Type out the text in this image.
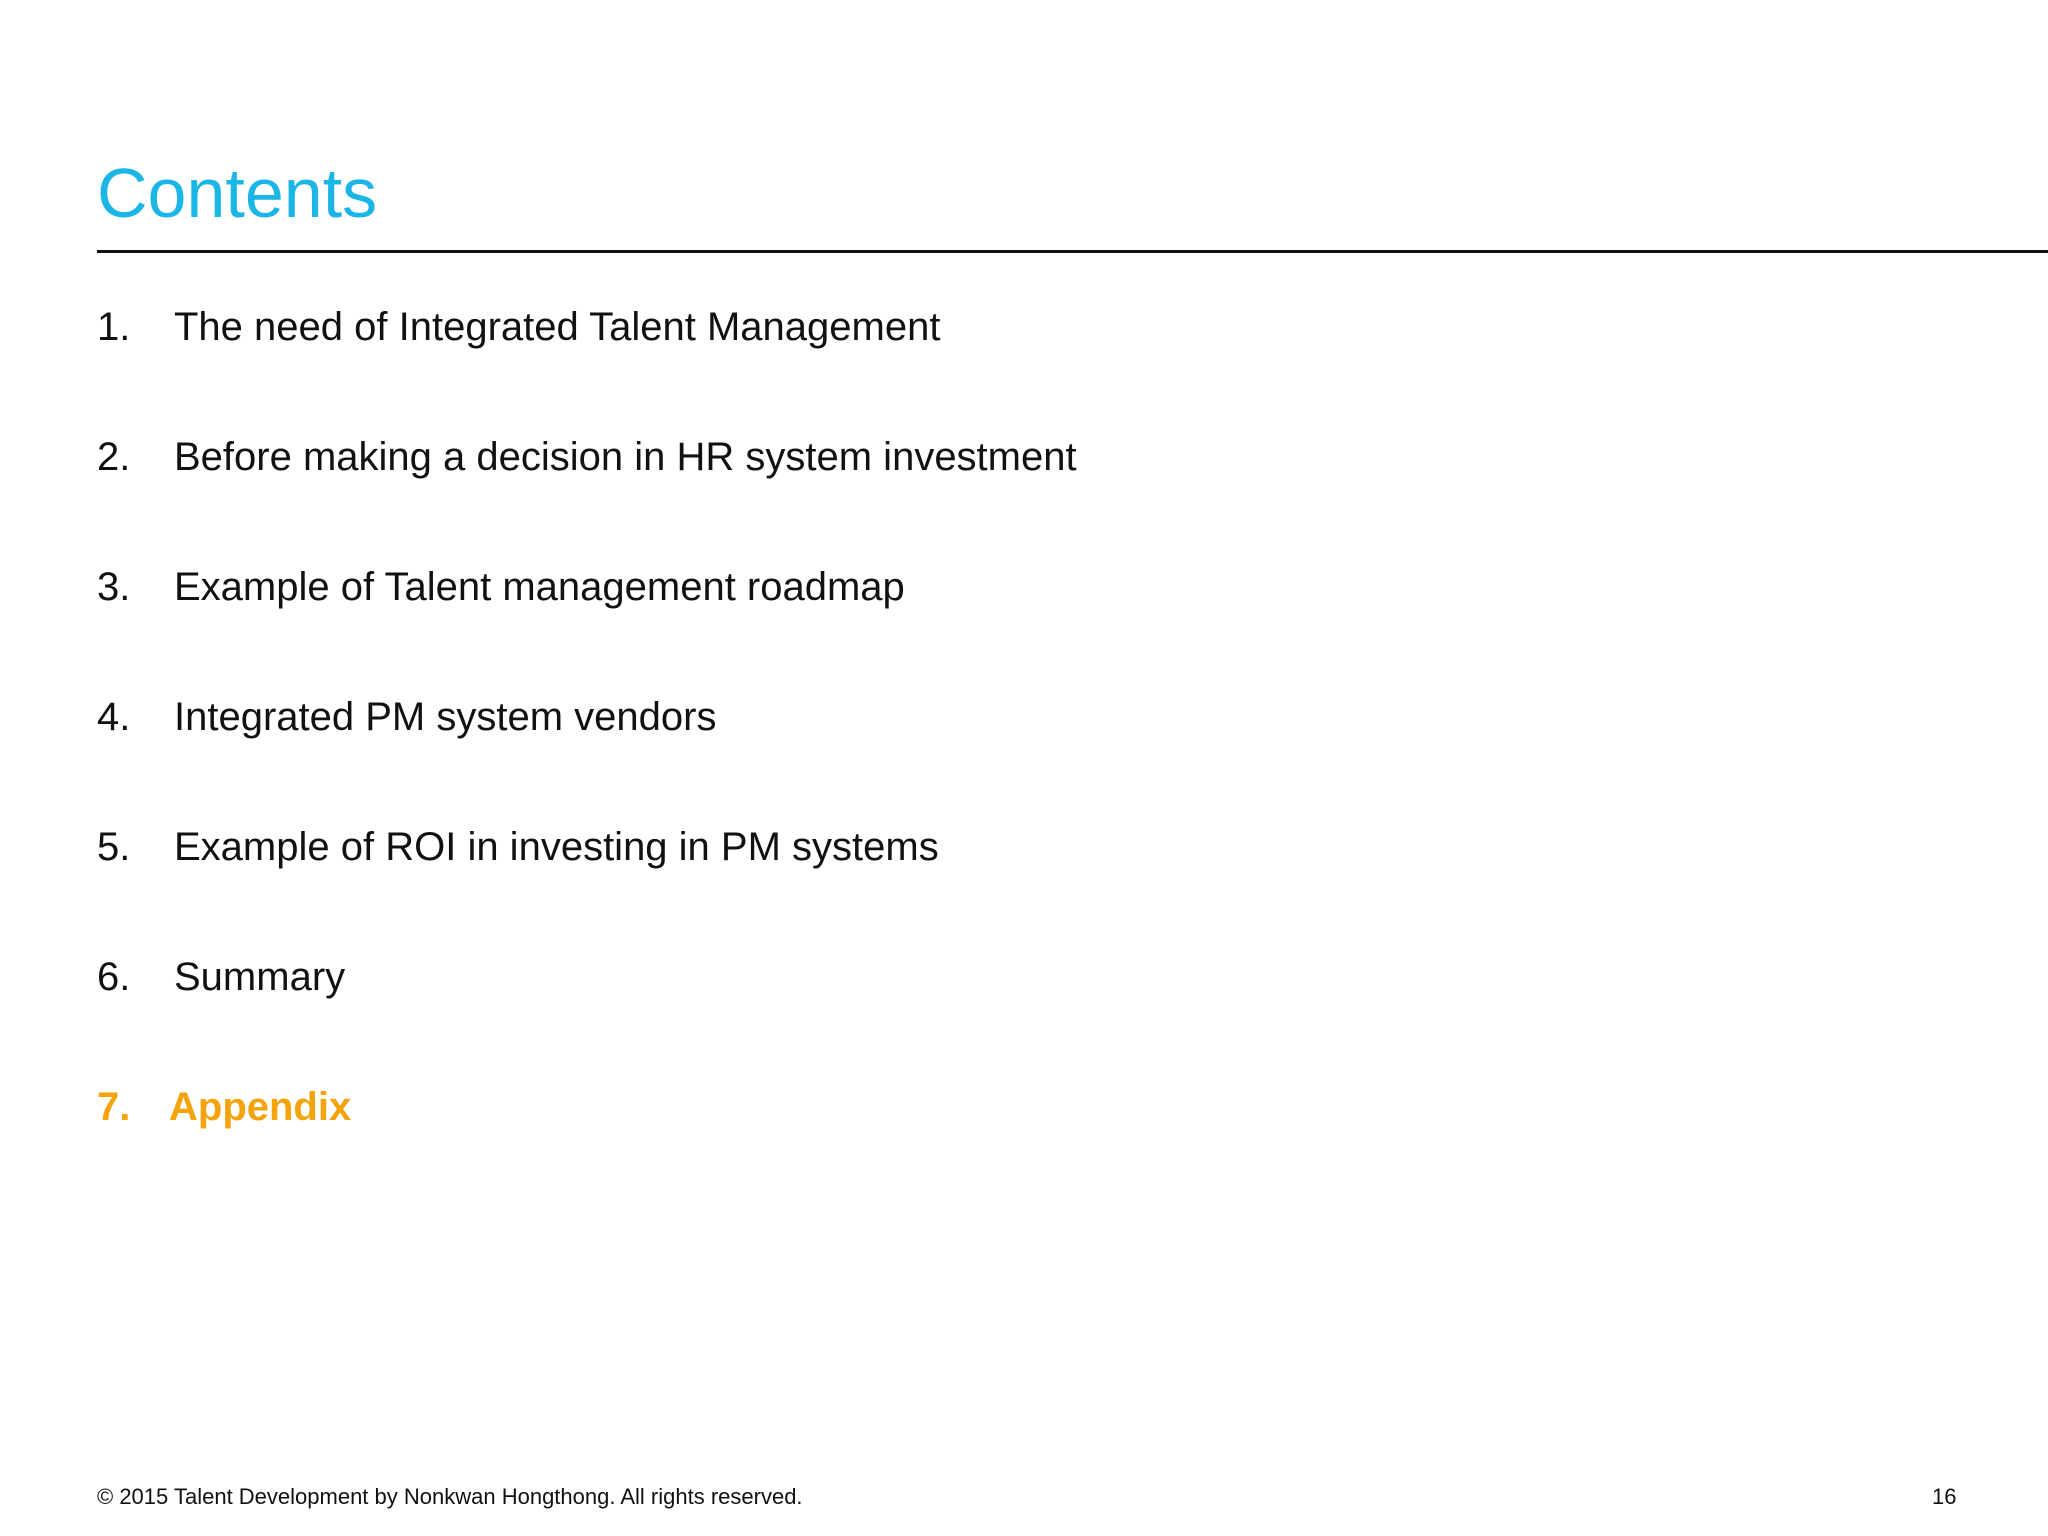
Contents
1. The need of Integrated Talent Management
2. Before making a decision in HR system investment
3. Example of Talent management roadmap
4. Integrated PM system vendors
5. Example of ROI in investing in PM systems
6. Summary
7. Appendix
© 2015 Talent Development by Nonkwan Hongthong. All rights reserved.	16
